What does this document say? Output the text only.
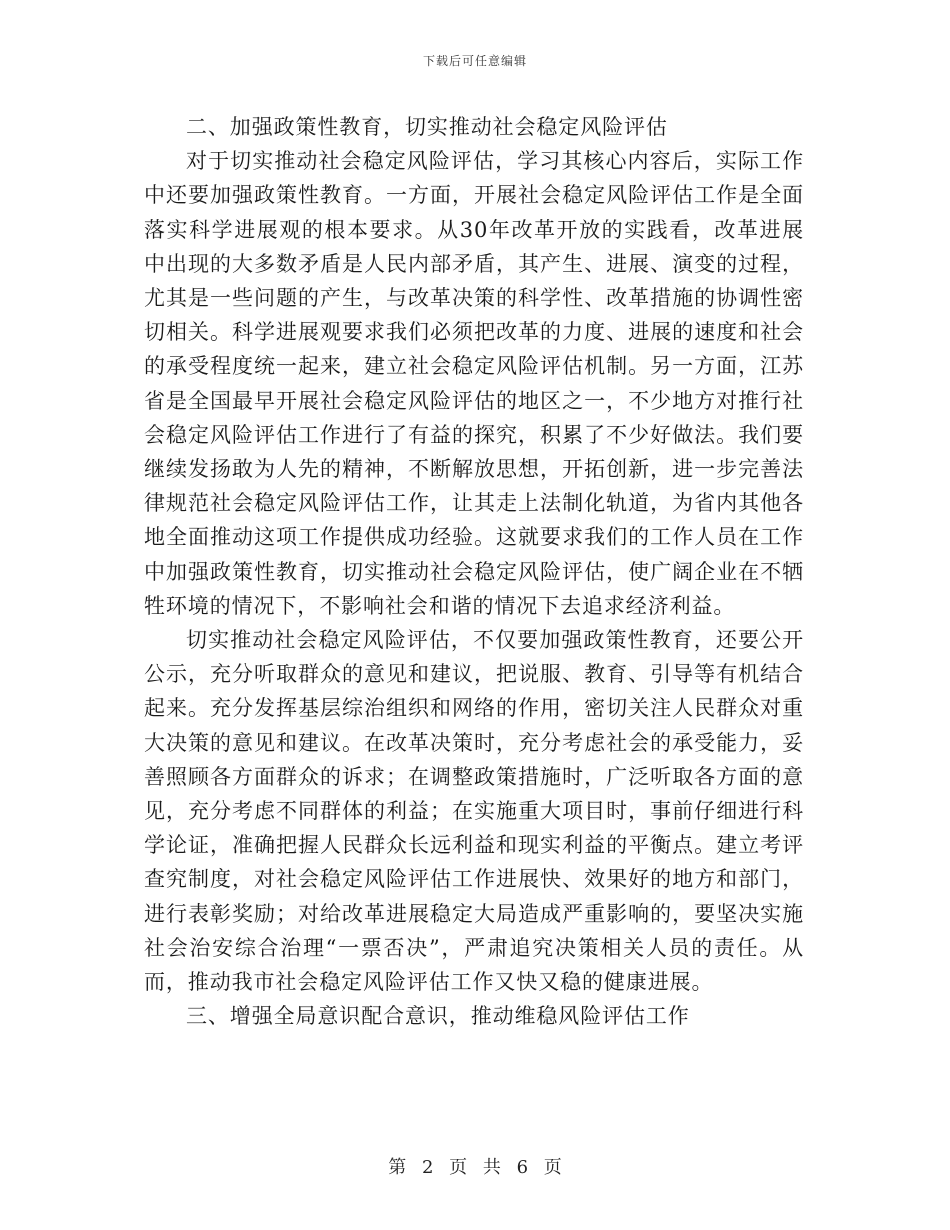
下载后可任意编辑

二、加强政策性教育，切实推动社会稳定风险评估

对于切实推动社会稳定风险评估，学习其核心内容后，实际工作中还要加强政策性教育。一方面，开展社会稳定风险评估工作是全面落实科学进展观的根本要求。从30年改革开放的实践看，改革进展中出现的大多数矛盾是人民内部矛盾，其产生、进展、演变的过程，尤其是一些问题的产生，与改革决策的科学性、改革措施的协调性密切相关。科学进展观要求我们必须把改革的力度、进展的速度和社会的承受程度统一起来，建立社会稳定风险评估机制。另一方面，江苏省是全国最早开展社会稳定风险评估的地区之一，不少地方对推行社会稳定风险评估工作进行了有益的探究，积累了不少好做法。我们要继续发扬敢为人先的精神，不断解放思想，开拓创新，进一步完善法律规范社会稳定风险评估工作，让其走上法制化轨道，为省内其他各地全面推动这项工作提供成功经验。这就要求我们的工作人员在工作中加强政策性教育，切实推动社会稳定风险评估，使广阔企业在不牺牲环境的情况下，不影响社会和谐的情况下去追求经济利益。

切实推动社会稳定风险评估，不仅要加强政策性教育，还要公开公示，充分听取群众的意见和建议，把说服、教育、引导等有机结合起来。充分发挥基层综治组织和网络的作用，密切关注人民群众对重大决策的意见和建议。在改革决策时，充分考虑社会的承受能力，妥善照顾各方面群众的诉求；在调整政策措施时，广泛听取各方面的意见，充分考虑不同群体的利益；在实施重大项目时，事前仔细进行科学论证，准确把握人民群众长远利益和现实利益的平衡点。建立考评查究制度，对社会稳定风险评估工作进展快、效果好的地方和部门，进行表彰奖励；对给改革进展稳定大局造成严重影响的，要坚决实施社会治安综合治理“一票否决”，严肃追究决策相关人员的责任。从而，推动我市社会稳定风险评估工作又快又稳的健康进展。

三、增强全局意识配合意识，推动维稳风险评估工作

第 2 页 共 6 页
